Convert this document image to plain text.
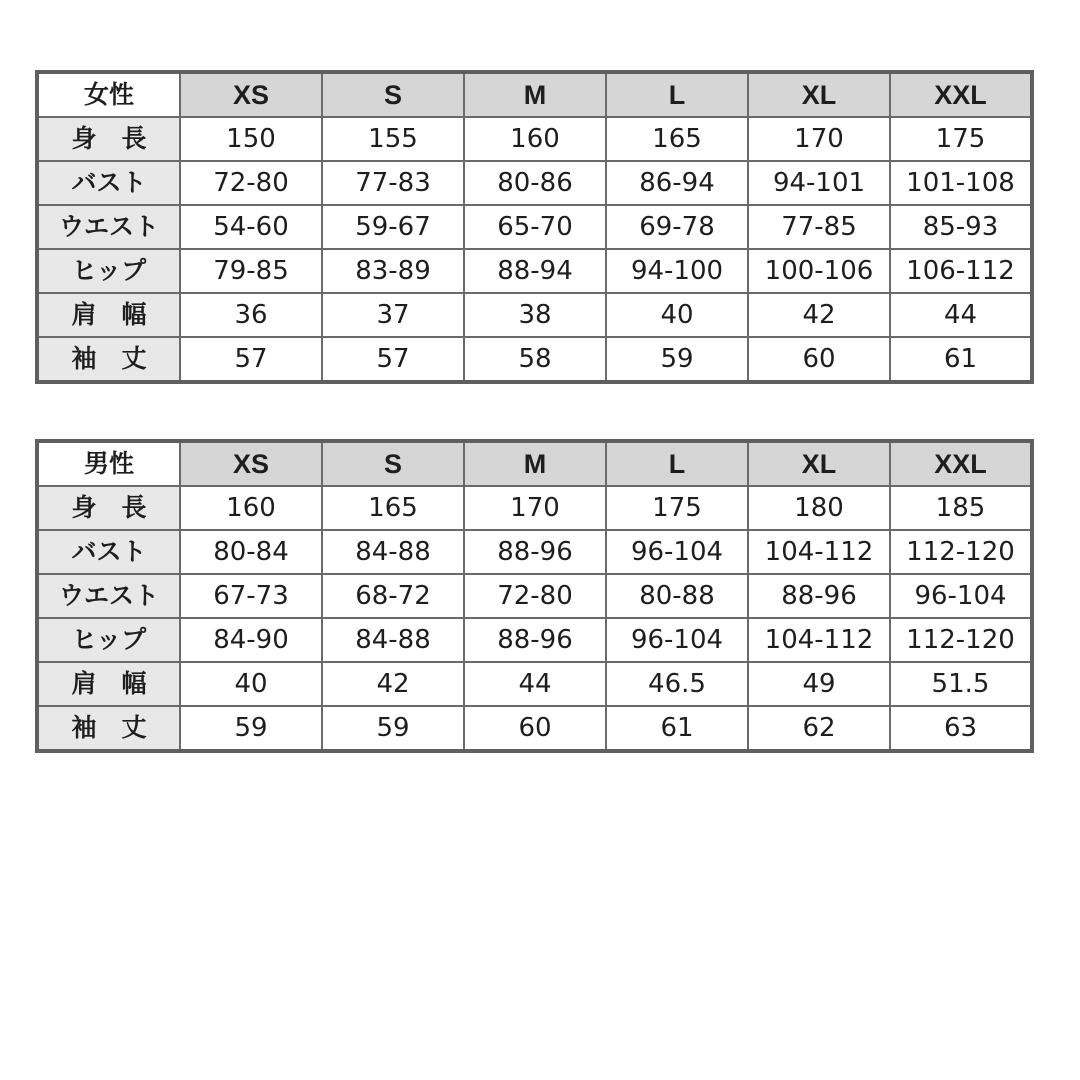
女性	XS	S	M	L	XL	XXL
身　長	150	155	160	165	170	175
バスト	72-80	77-83	80-86	86-94	94-101	101-108
ウエスト	54-60	59-67	65-70	69-78	77-85	85-93
ヒップ	79-85	83-89	88-94	94-100	100-106	106-112
肩　幅	36	37	38	40	42	44
袖　丈	57	57	58	59	60	61
男性	XS	S	M	L	XL	XXL
身　長	160	165	170	175	180	185
バスト	80-84	84-88	88-96	96-104	104-112	112-120
ウエスト	67-73	68-72	72-80	80-88	88-96	96-104
ヒップ	84-90	84-88	88-96	96-104	104-112	112-120
肩　幅	40	42	44	46.5	49	51.5
袖　丈	59	59	60	61	62	63
